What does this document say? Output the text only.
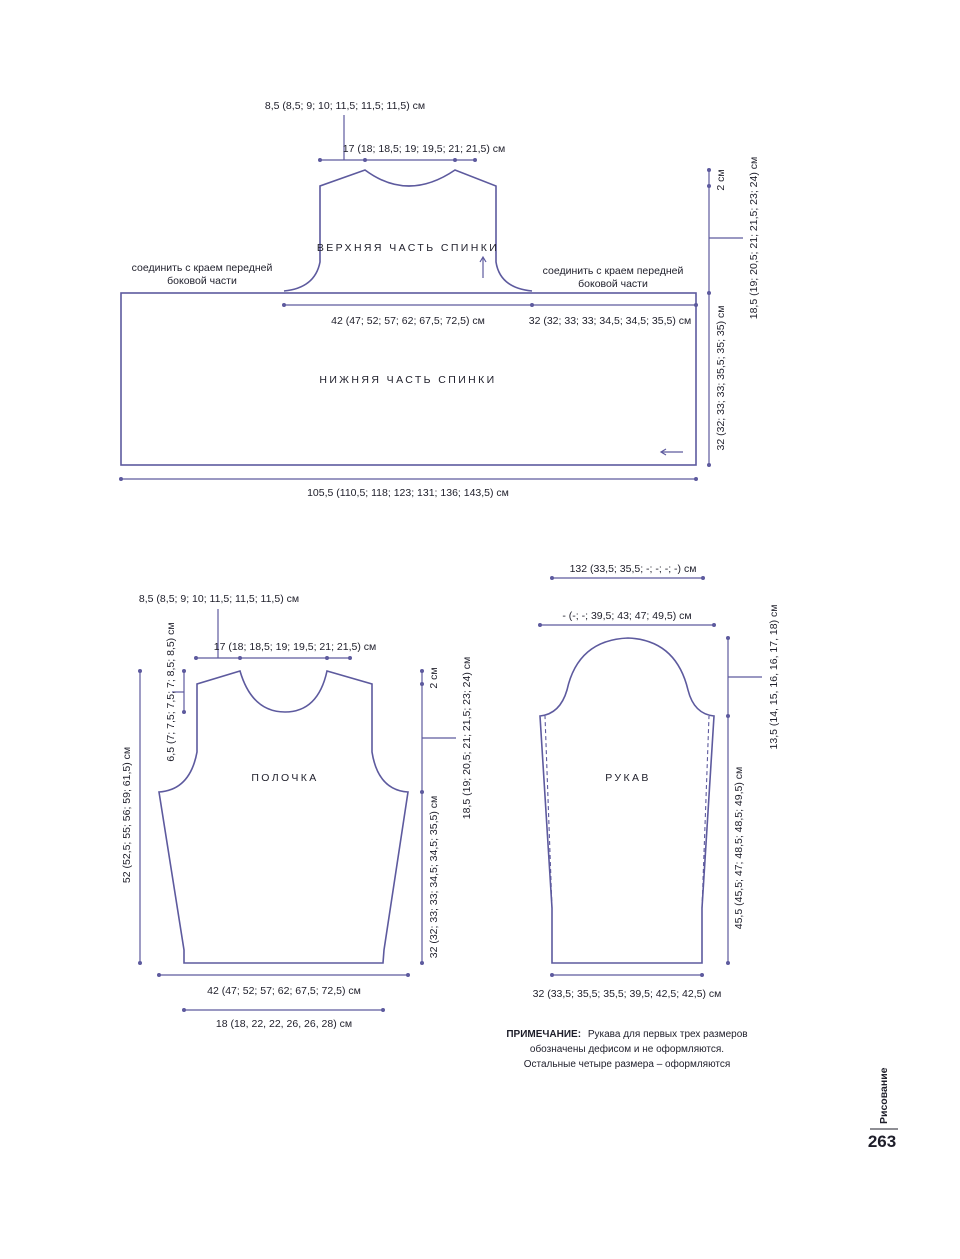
8,5 (8,5; 9; 10; 11,5; 11,5; 11,5) см
17 (18; 18,5; 19; 19,5; 21; 21,5) см
ВЕРХНЯЯ ЧАСТЬ СПИНКИ
соединить с краем передней
боковой части
соединить с краем передней
боковой части
42 (47; 52; 57; 62; 67,5; 72,5) см	32 (32; 33; 33; 34,5; 34,5; 35,5) см
НИЖНЯЯ ЧАСТЬ СПИНКИ
105,5 (110,5; 118; 123; 131; 136; 143,5) см
2 см 18,5 (19; 20,5; 21; 21,5; 23; 24) см
32 (32; 33; 33; 35,5; 35; 35) см
8,5 (8,5; 9; 10; 11,5; 11,5; 11,5) см
17 (18; 18,5; 19; 19,5; 21; 21,5) см
6,5 (7; 7,5; 7,5; 7; 8,5; 8,5) см
52 (52,5; 55; 56; 59; 61,5) см
2 см 18,5 (19; 20,5; 21; 21,5; 23; 24) см
32 (32; 33; 33; 34,5; 34,5; 35,5) см
ПОЛОЧКА
42 (47; 52; 57; 62; 67,5; 72,5) см
18 (18, 22, 22, 26, 26, 28) см
132 (33,5; 35,5; -; -; -; -) см
- (-; -; 39,5; 43; 47; 49,5) см	13,5 (14, 15, 16, 16, 17, 18) см
45,5 (45,5; 47; 48,5; 48,5; 49,5) см
РУКАВ
32 (33,5; 35,5; 35,5; 39,5; 42,5; 42,5) см
ПРИМЕЧАНИЕ: Рукава для первых трех размеров
обозначены дефисом и не оформляются.
Остальные четыре размера – оформляются
Рисование
263
